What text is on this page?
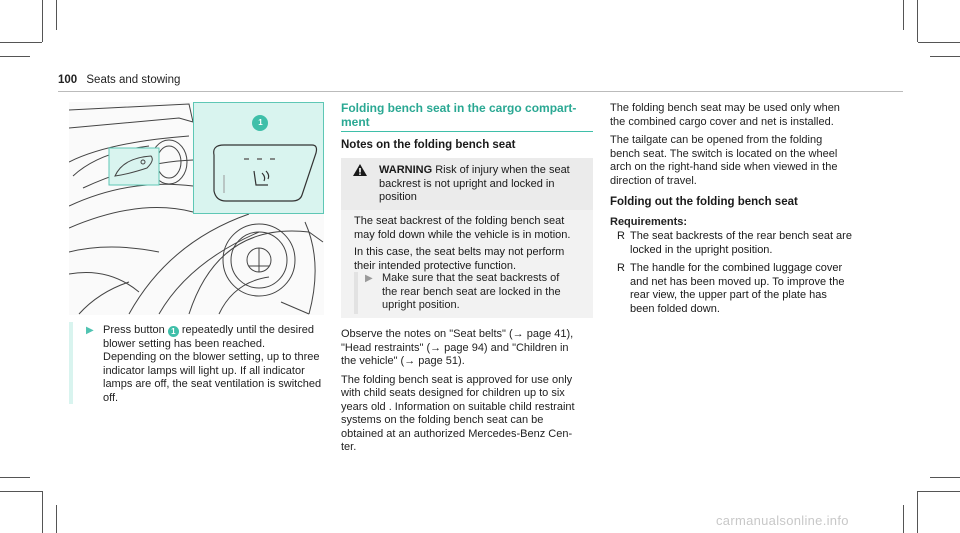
100 Seats and stowing
1
▶ Press button 1 repeatedly until the desired

blower setting has been reached.

Depending on the blower setting, up to three

indicator lamps will light up. If all indicator

lamps are off, the seat ventilation is switched

off.

Folding bench seat in the cargo compart-
ment
Notes on the folding bench seat

WARNING Risk of injury when the seat

backrest is not upright and locked in

position

The seat backrest of the folding bench seat
may fold down while the vehicle is in motion.

In this case, the seat belts may not perform
their intended protective function.

▶ Make sure that the seat backrests of

the rear bench seat are locked in the

upright position.

Observe the notes on "Seat belts" (→ page 41),

"Head restraints" (→ page 94) and "Children in

the vehicle" (→ page 51).

The folding bench seat is approved for use only

with child seats designed for children up to six

years old . Information on suitable child restraint

systems on the folding bench seat can be

obtained at an authorized Mercedes-Benz Cen-

ter.

The folding bench seat may be used only when

the combined cargo cover and net is installed.

The tailgate can be opened from the folding

bench seat. The switch is located on the wheel

arch on the right-hand side when viewed in the

direction of travel.

Folding out the folding bench seat
Requirements:
R The seat backrests of the rear bench seat are
locked in the upright position.
R The handle for the combined luggage cover
and net has been moved up. To improve the
rear view, the upper part of the plate has
been folded down.
carmanualsonline.info
